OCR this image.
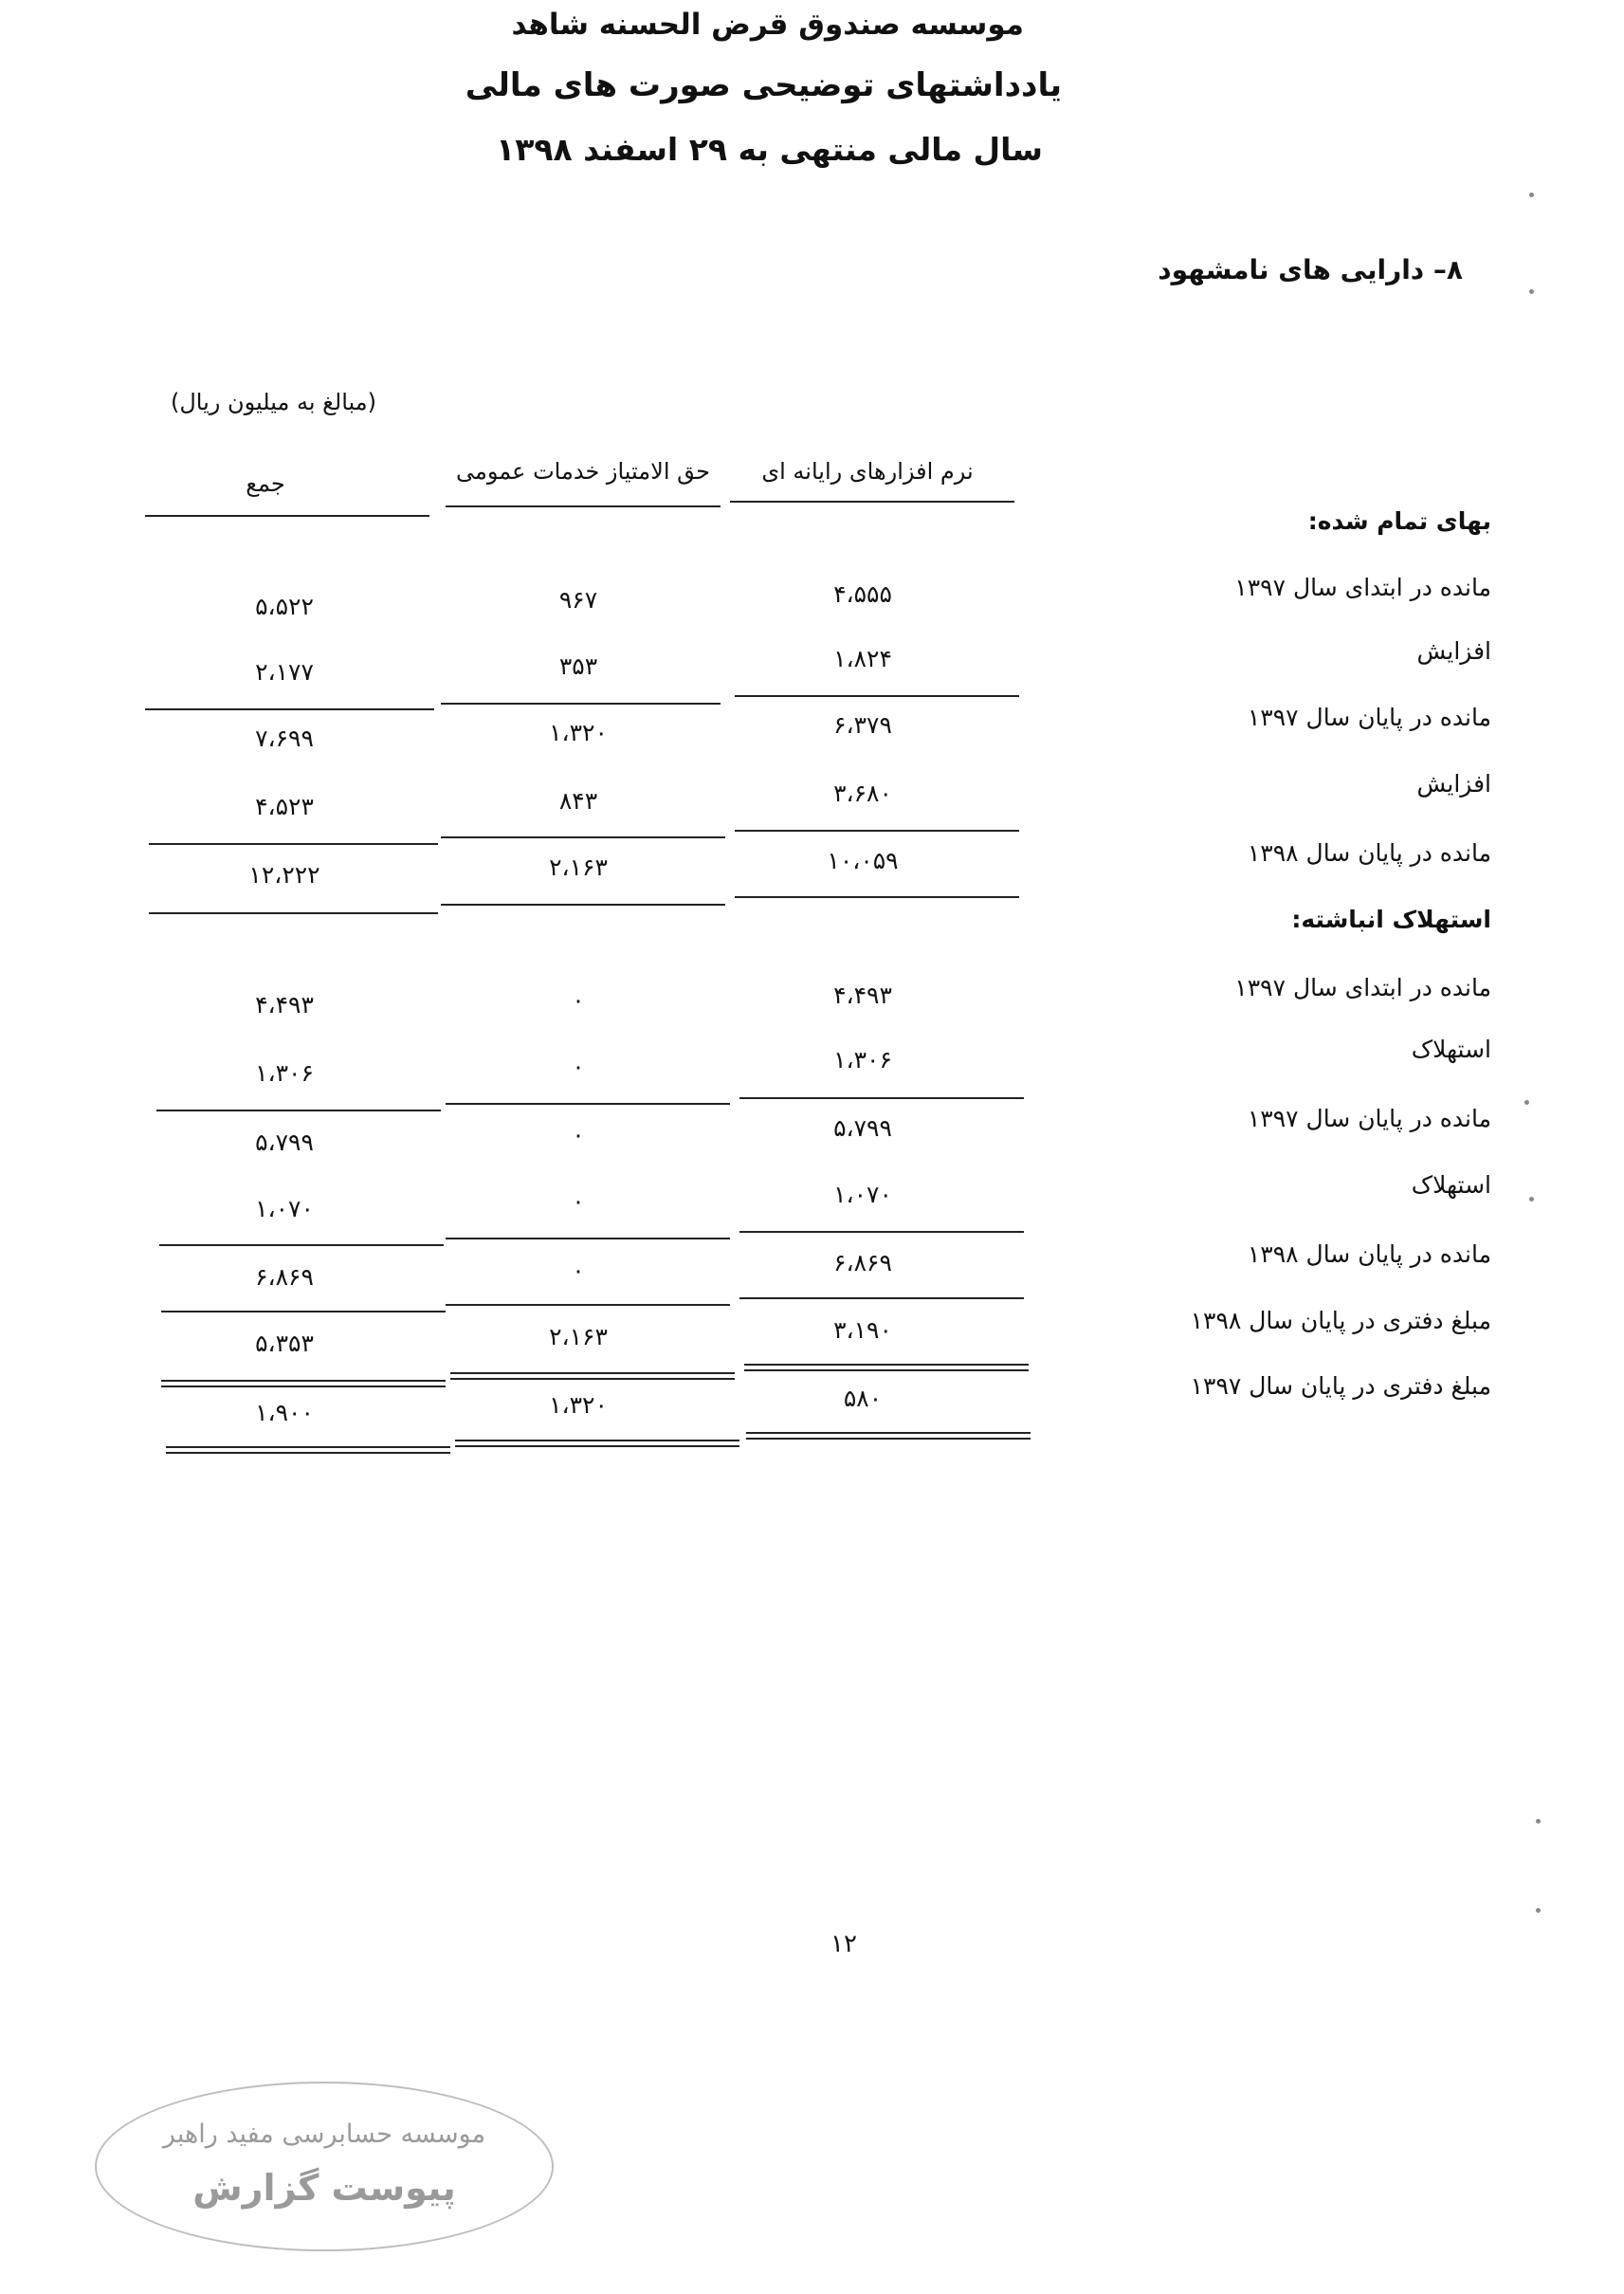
موسسه صندوق قرض الحسنه شاهد
یادداشتهای توضیحی صورت های مالی
سال مالی منتهی به ۲۹ اسفند ۱۳۹۸
۸– دارایی های نامشهود
(مبالغ به میلیون ریال)
نرم افزارهای رایانه ای
حق الامتیاز خدمات عمومی
جمع
بهای تمام شده:
مانده در ابتدای سال ۱۳۹۷
۴،۵۵۵
۹۶۷
۵،۵۲۲
افزایش
۱،۸۲۴
۳۵۳
۲،۱۷۷
مانده در پایان سال ۱۳۹۷
۶،۳۷۹
۱،۳۲۰
۷،۶۹۹
افزایش
۳،۶۸۰
۸۴۳
۴،۵۲۳
مانده در پایان سال ۱۳۹۸
۱۰،۰۵۹
۲،۱۶۳
۱۲،۲۲۲
استهلاک انباشته:
مانده در ابتدای سال ۱۳۹۷
۴،۴۹۳
۰
۴،۴۹۳
استهلاک
۱،۳۰۶
۰
۱،۳۰۶
مانده در پایان سال ۱۳۹۷
۵،۷۹۹
۰
۵،۷۹۹
استهلاک
۱،۰۷۰
۰
۱،۰۷۰
مانده در پایان سال ۱۳۹۸
۶،۸۶۹
۰
۶،۸۶۹
مبلغ دفتری در پایان سال ۱۳۹۸
۳،۱۹۰
۲،۱۶۳
۵،۳۵۳
مبلغ دفتری در پایان سال ۱۳۹۷
۵۸۰
۱،۳۲۰
۱،۹۰۰
۱۲
موسسه حسابرسی مفید راهبر
پیوست گزارش
